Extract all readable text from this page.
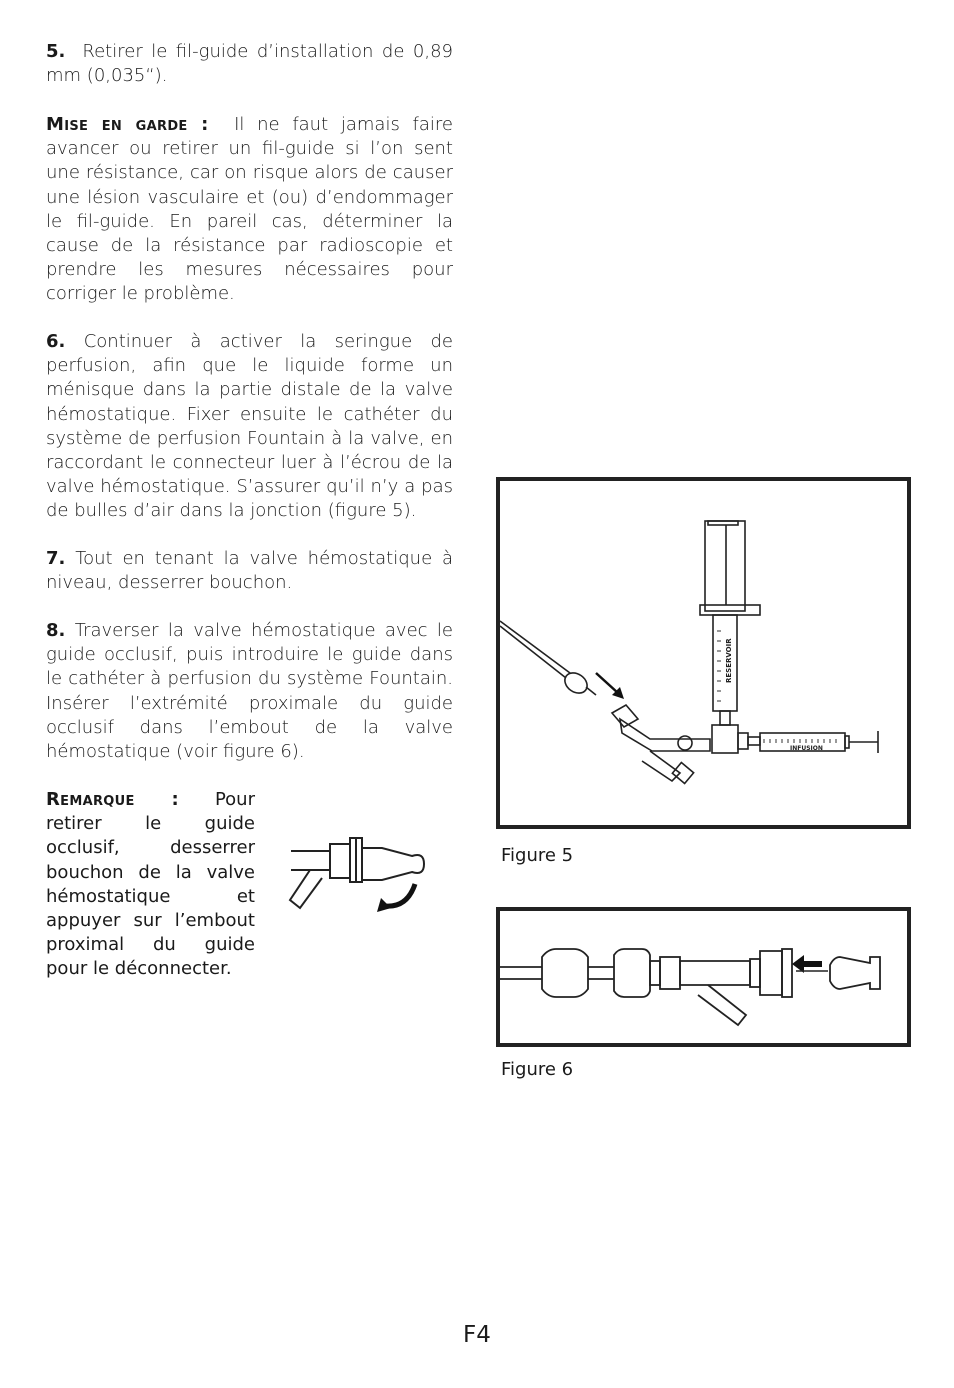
5. Retirer le fil-guide d’installation de 0,89 mm (0,035“).

Mise en garde : Il ne faut jamais faire avancer ou retirer un fil-guide si l’on sent une résistance, car on risque alors de causer une lésion vasculaire et (ou) d’endommager le fil-guide. En pareil cas, déterminer la cause de la résistance par radioscopie et prendre les mesures nécessaires pour corriger le problème.

6. Continuer à activer la seringue de perfusion, afin que le liquide forme un ménisque dans la partie distale de la valve hémostatique. Fixer ensuite le cathéter du système de perfusion Fountain à la valve, en raccordant le connecteur luer à l’écrou de la valve hémostatique. S’assurer qu’il n’y a pas de bulles d’air dans la jonction (figure 5).

7. Tout en tenant la valve hémostatique à niveau, desserrer bouchon.

8. Traverser la valve hémostatique avec le guide occlusif, puis introduire le guide dans le cathéter à perfusion du système Fountain. Insérer l’extrémité proximale du guide occlusif dans l’embout de la valve hémostatique (voir figure 6).

Remarque : Pour retirer le guide occlusif, desserrer bouchon de la valve hémostatique et appuyer sur l’embout proximal du guide pour le déconnecter.
RESERVOIR
INFUSION
Figure 5
Figure 6
F4
